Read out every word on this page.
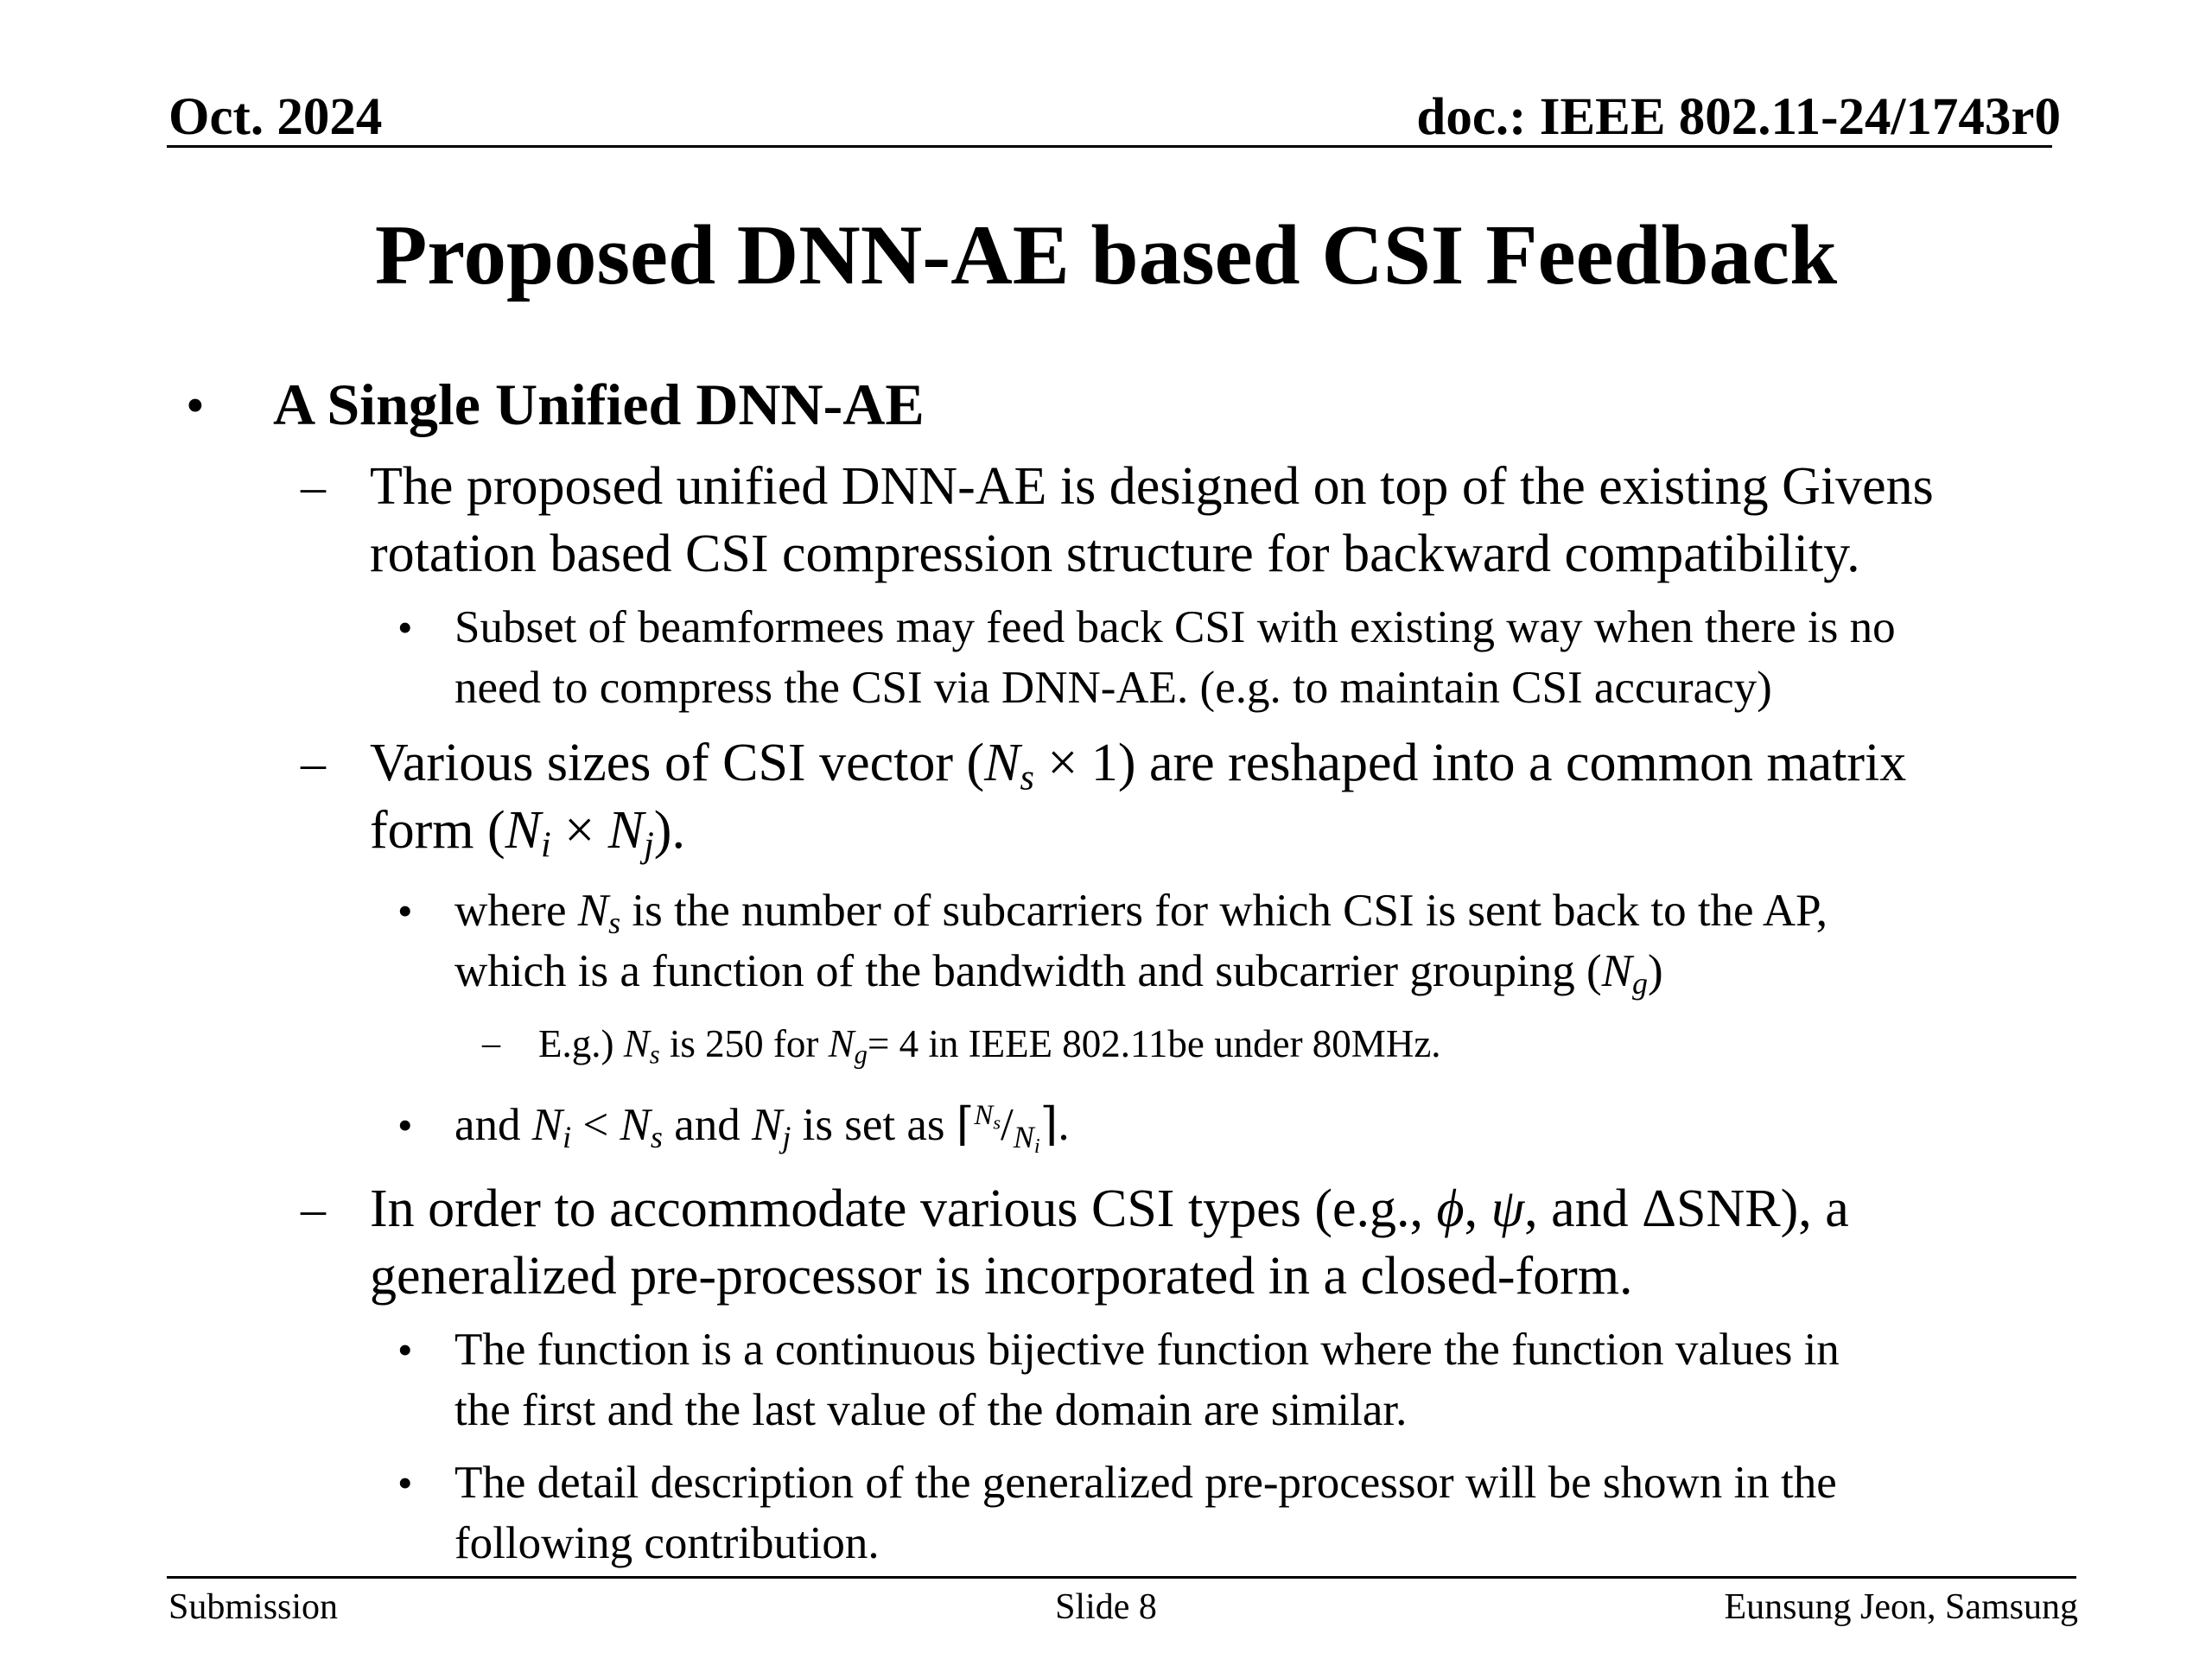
Oct. 2024	doc.: IEEE 802.11-24/1743r0
Proposed DNN-AE based CSI Feedback
• A Single Unified DNN-AE
– The proposed unified DNN-AE is designed on top of the existing Givens
rotation based CSI compression structure for backward compatibility.
• Subset of beamformees may feed back CSI with existing way when there is no
need to compress the CSI via DNN-AE. (e.g. to maintain CSI accuracy)
– Various sizes of CSI vector $(N_s \times 1)$ are reshaped into a common matrix
form $(N_i \times N_j)$.
• where $N_s$ is the number of subcarriers for which CSI is sent back to the AP,
which is a function of the bandwidth and subcarrier grouping $(N_g)$
– E.g.) $N_s$ is 250 for $N_g= 4$ in IEEE 802.11be under 80MHz.
• and $N_i < N_s$ and $N_j$ is set as $⌈^{N_s}/_{N_i}⌉$.
– In order to accommodate various CSI types (e.g., ϕ, ψ, and ΔSNR), a
generalized pre-processor is incorporated in a closed-form.
• The function is a continuous bijective function where the function values in
the first and the last value of the domain are similar.
• The detail description of the generalized pre-processor will be shown in the
following contribution.
Submission	Slide 8	Eunsung Jeon, Samsung
